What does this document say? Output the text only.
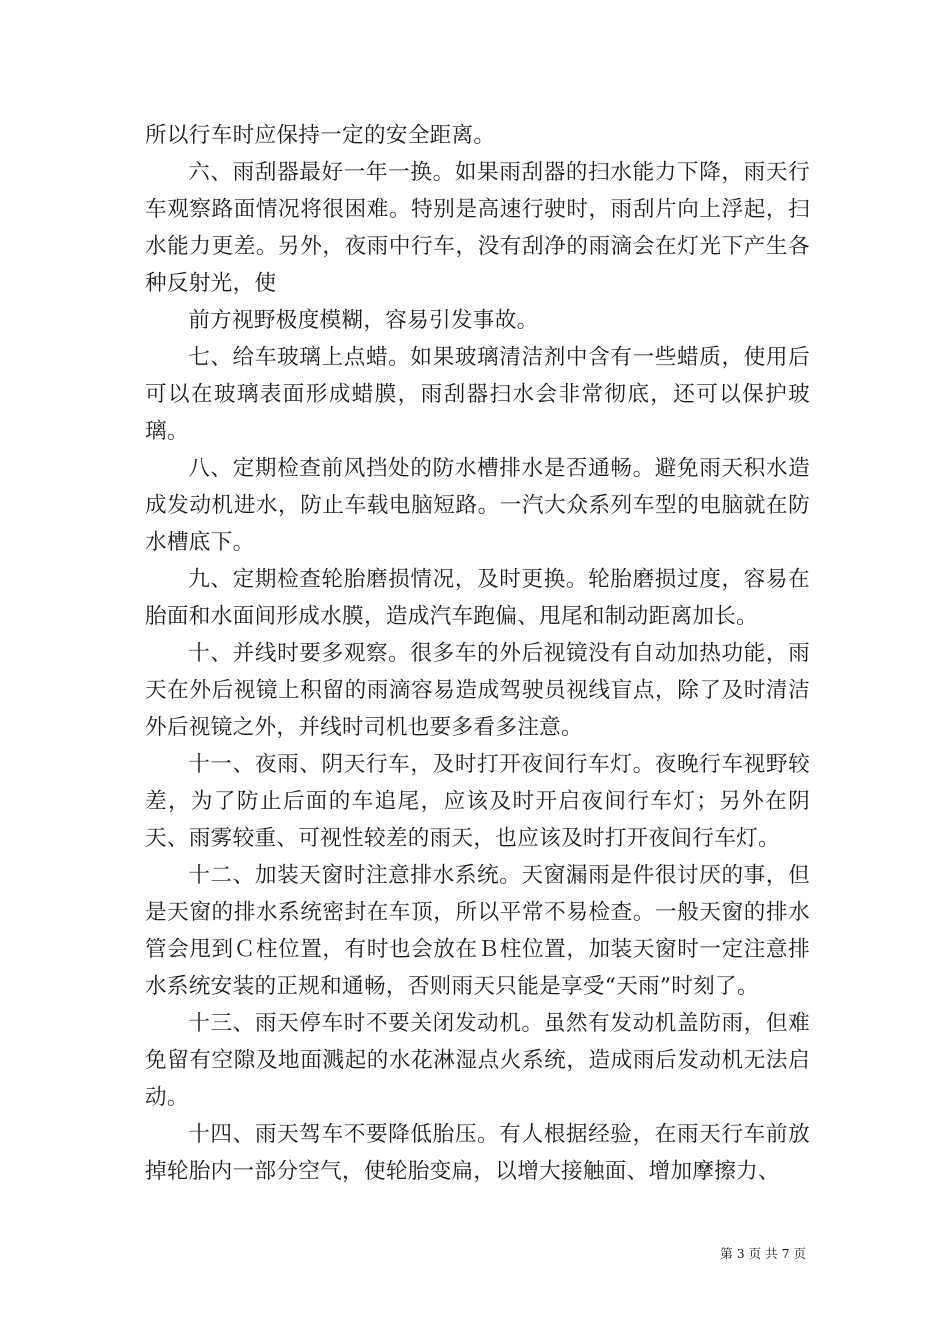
所以行车时应保持一定的安全距离。

六、雨刮器最好一年一换。如果雨刮器的扫水能力下降，雨天行车观察路面情况将很困难。特别是高速行驶时，雨刮片向上浮起，扫水能力更差。另外，夜雨中行车，没有刮净的雨滴会在灯光下产生各种反射光，使

前方视野极度模糊，容易引发事故。

七、给车玻璃上点蜡。如果玻璃清洁剂中含有一些蜡质，使用后可以在玻璃表面形成蜡膜，雨刮器扫水会非常彻底，还可以保护玻璃。

八、定期检查前风挡处的防水槽排水是否通畅。避免雨天积水造成发动机进水，防止车载电脑短路。一汽大众系列车型的电脑就在防水槽底下。

九、定期检查轮胎磨损情况，及时更换。轮胎磨损过度，容易在胎面和水面间形成水膜，造成汽车跑偏、甩尾和制动距离加长。

十、并线时要多观察。很多车的外后视镜没有自动加热功能，雨天在外后视镜上积留的雨滴容易造成驾驶员视线盲点，除了及时清洁外后视镜之外，并线时司机也要多看多注意。

十一、夜雨、阴天行车，及时打开夜间行车灯。夜晚行车视野较差，为了防止后面的车追尾，应该及时开启夜间行车灯；另外在阴天、雨雾较重、可视性较差的雨天，也应该及时打开夜间行车灯。

十二、加装天窗时注意排水系统。天窗漏雨是件很讨厌的事，但是天窗的排水系统密封在车顶，所以平常不易检查。一般天窗的排水管会甩到Ｃ柱位置，有时也会放在Ｂ柱位置，加装天窗时一定注意排水系统安装的正规和通畅，否则雨天只能是享受“天雨”时刻了。

十三、雨天停车时不要关闭发动机。虽然有发动机盖防雨，但难免留有空隙及地面溅起的水花淋湿点火系统，造成雨后发动机无法启动。

十四、雨天驾车不要降低胎压。有人根据经验，在雨天行车前放掉轮胎内一部分空气，使轮胎变扁，以增大接触面、增加摩擦力、

第 3 页 共 7 页
